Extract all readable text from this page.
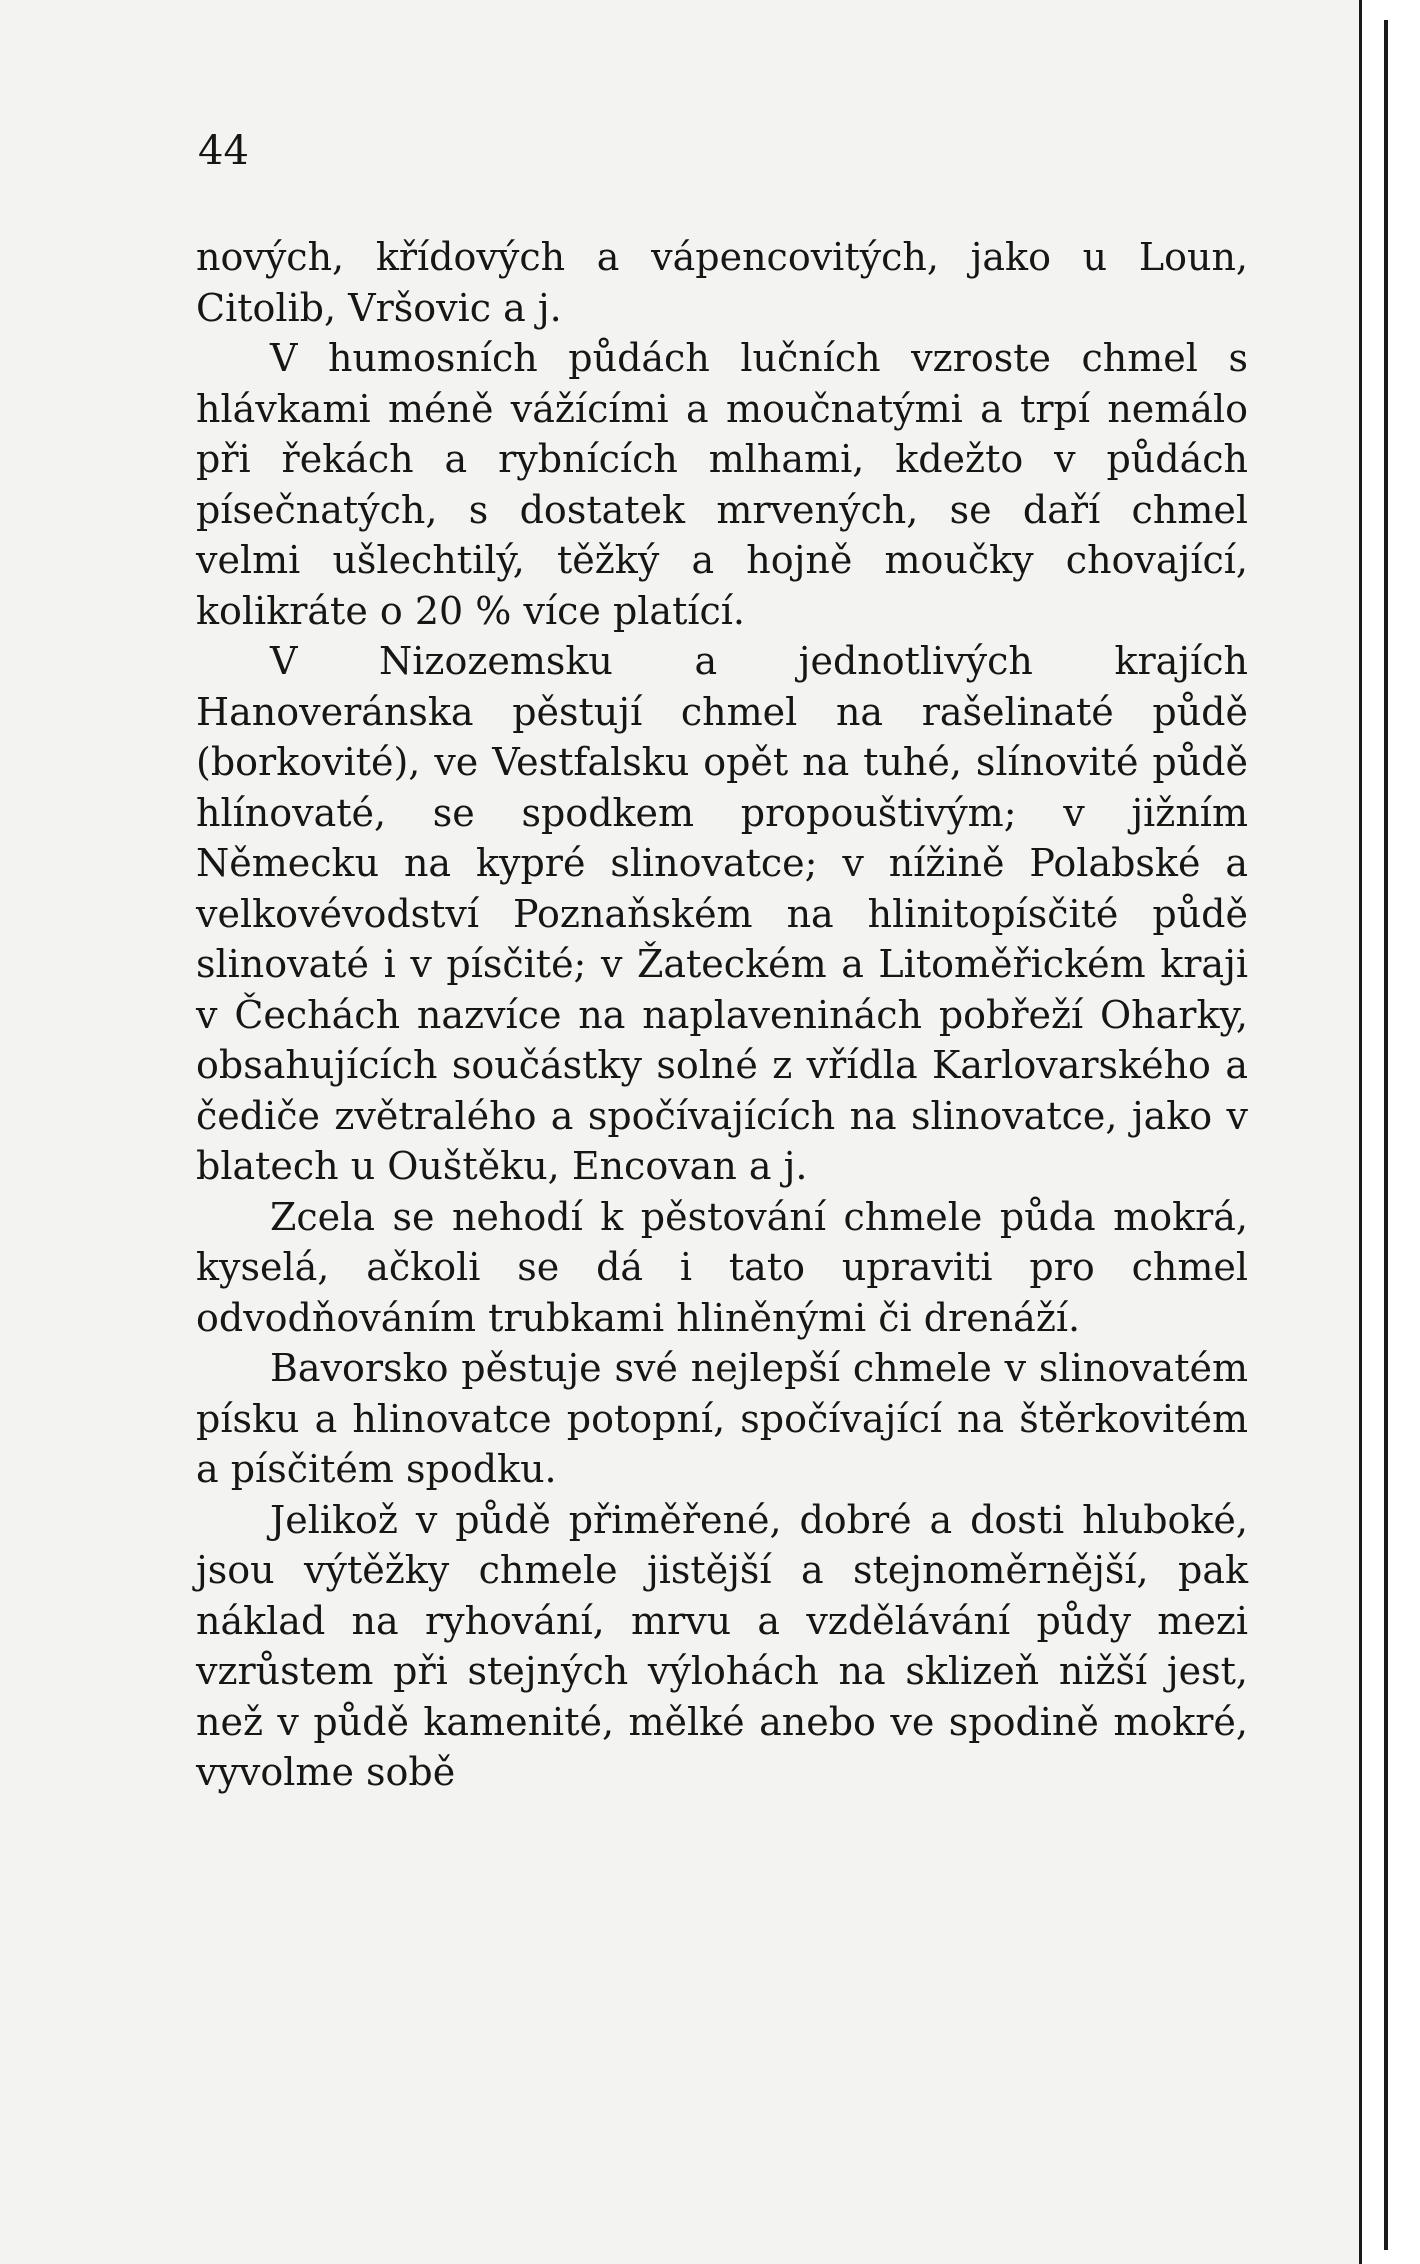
44

nových, křídových a vápencovitých, jako u Loun, Citolib, Vršovic a j.

V humosních půdách lučních vzroste chmel s hlávkami méně vážícími a moučnatými a trpí nemálo při řekách a rybnících mlhami, kdežto v půdách písečnatých, s dostatek mrvených, se daří chmel velmi ušlechtilý, těžký a hojně moučky chovající, kolikráte o 20 % více platící.

V Nizozemsku a jednotlivých krajích Hanoveránska pěstují chmel na rašelinaté půdě (borkovité), ve Vestfalsku opět na tuhé, slínovité půdě hlínovaté, se spodkem propouštivým; v jižním Německu na kypré slinovatce; v nížině Polabské a velkovévodství Poznaňském na hlinitopísčité půdě slinovaté i v písčité; v Žateckém a Litoměřickém kraji v Čechách nazvíce na naplaveninách pobřeží Oharky, obsahujících součástky solné z vřídla Karlovarského a čediče zvětralého a spočívajících na slinovatce, jako v blatech u Ouštěku, Encovan a j.

Zcela se nehodí k pěstování chmele půda mokrá, kyselá, ačkoli se dá i tato upraviti pro chmel odvodňováním trubkami hliněnými či drenáží.

Bavorsko pěstuje své nejlepší chmele v slinovatém písku a hlinovatce potopní, spočívající na štěrkovitém a písčitém spodku.

Jelikož v půdě přiměřené, dobré a dosti hluboké, jsou výtěžky chmele jistější a stejnoměrnější, pak náklad na ryhování, mrvu a vzdělávání půdy mezi vzrůstem při stejných výlohách na sklizeň nižší jest, než v půdě kamenité, mělké anebo ve spodině mokré, vyvolme sobě
